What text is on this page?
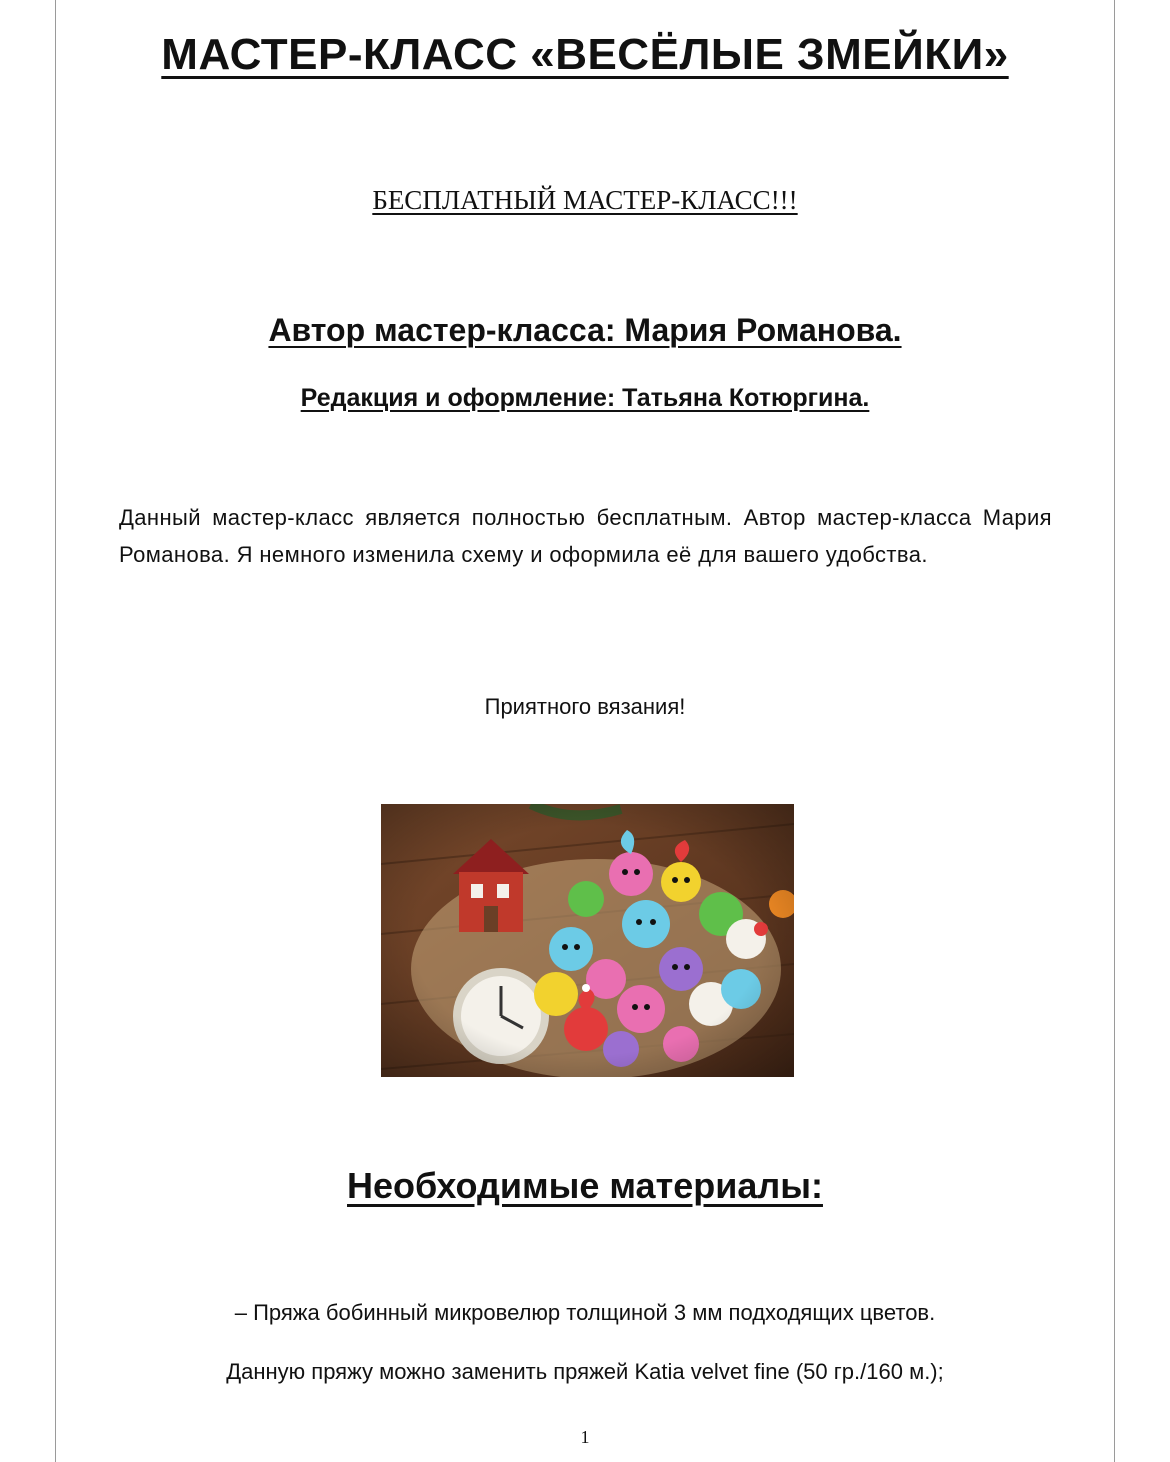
МАСТЕР-КЛАСС «ВЕСЁЛЫЕ ЗМЕЙКИ»
БЕСПЛАТНЫЙ МАСТЕР-КЛАСС!!!
Автор мастер-класса: Мария Романова.
Редакция и оформление: Татьяна Котюргина.
Данный мастер-класс является полностью бесплатным. Автор мастер-класса Мария Романова. Я немного изменила схему и оформила её для вашего удобства.
Приятного вязания!
Необходимые материалы:
– Пряжа бобинный микровелюр толщиной 3 мм подходящих цветов.
Данную пряжу можно заменить пряжей Katia velvet fine (50 гр./160 м.);
1
